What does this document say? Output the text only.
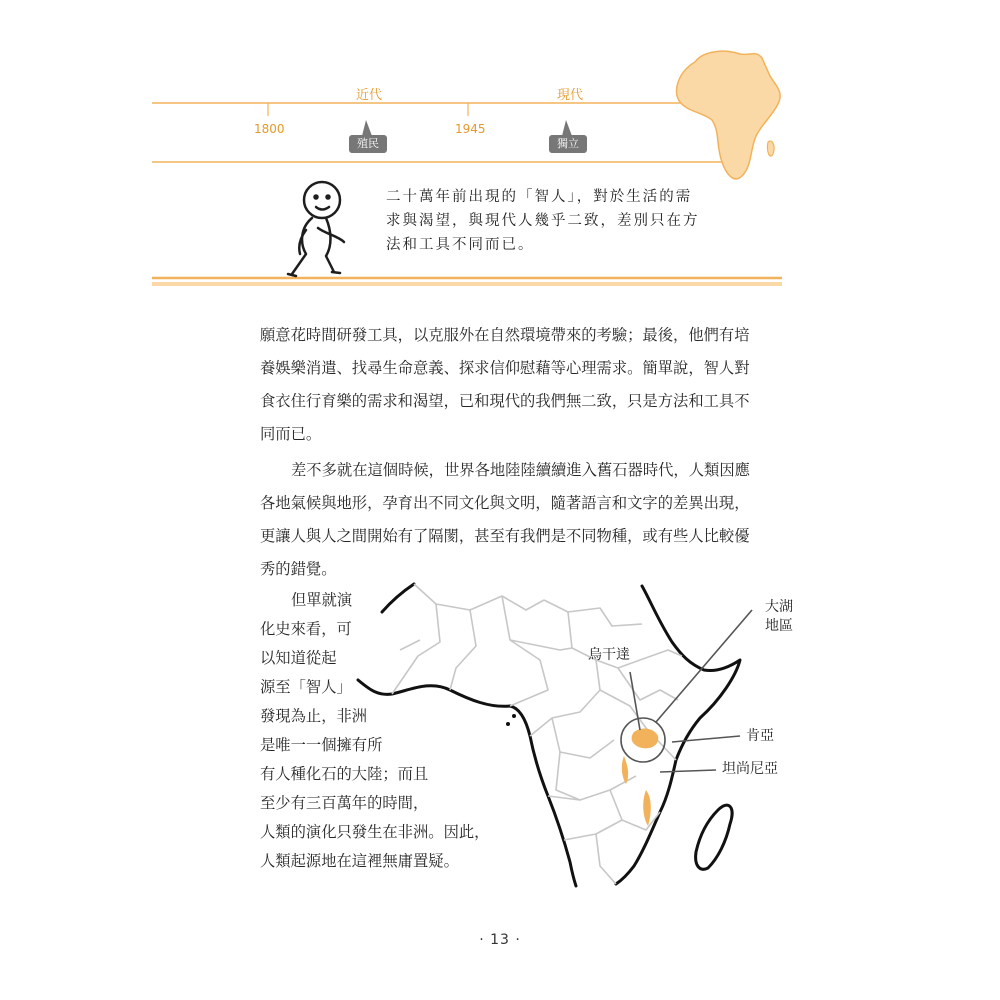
近代	現代
1800	1945
殖民	獨立
二十萬年前出現的「智人」，對於生活的需
求與渴望，與現代人幾乎二致，差別只在方
法和工具不同而已。
願意花時間研發工具，以克服外在自然環境帶來的考驗；最後，他們有培
養娛樂消遣、找尋生命意義、探求信仰慰藉等心理需求。簡單說，智人對
食衣住行育樂的需求和渴望，已和現代的我們無二致，只是方法和工具不
同而已。
差不多就在這個時候，世界各地陸陸續續進入舊石器時代，人類因應
各地氣候與地形，孕育出不同文化與文明，隨著語言和文字的差異出現，
更讓人與人之間開始有了隔閡，甚至有我們是不同物種，或有些人比較優
秀的錯覺。
但單就演
化史來看，可
以知道從起
源至「智人」
發現為止，非洲
是唯一一個擁有所
有人種化石的大陸；而且
至少有三百萬年的時間，
人類的演化只發生在非洲。因此，
人類起源地在這裡無庸置疑。
大湖
地區
烏干達
肯亞
坦尚尼亞
· 13 ·
